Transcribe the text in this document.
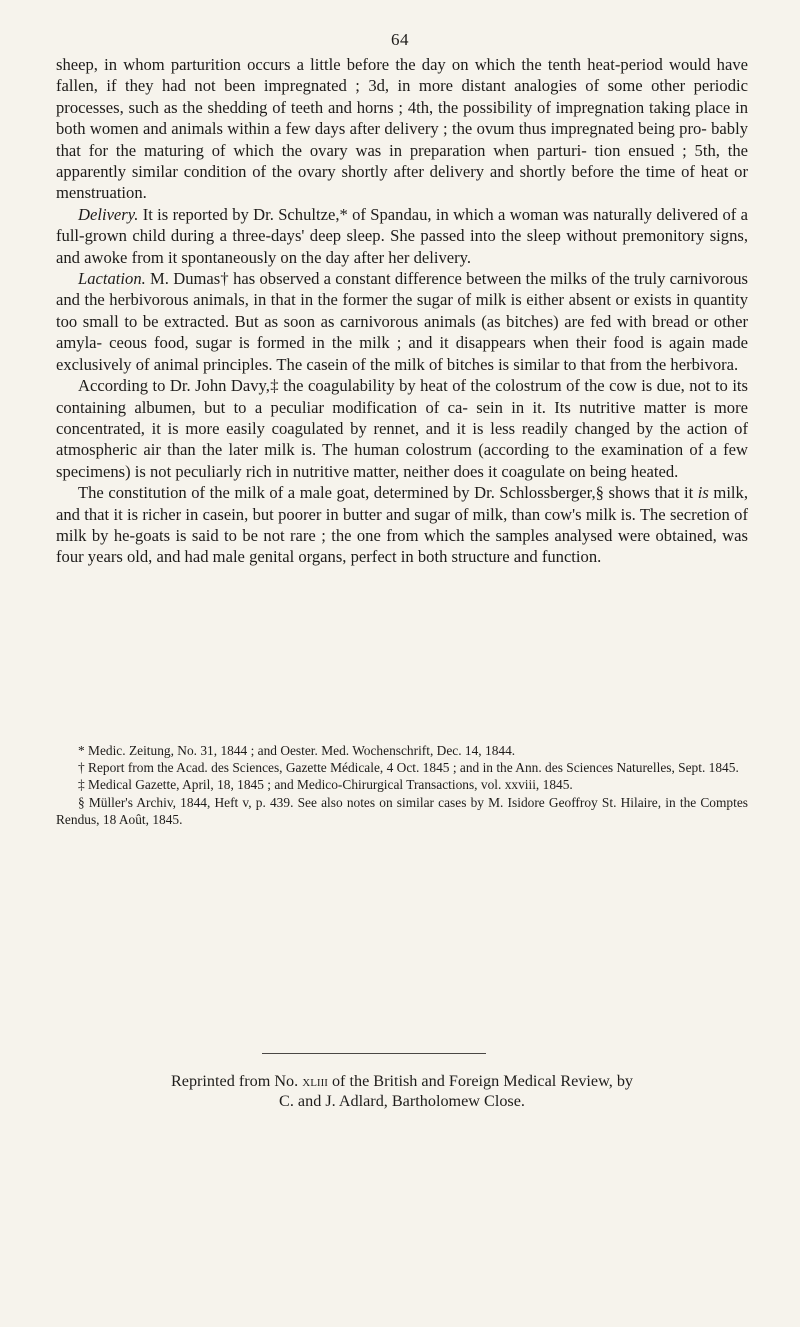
64

sheep, in whom parturition occurs a little before the day on which the tenth heat-period would have fallen, if they had not been impregnated ; 3d, in more distant analogies of some other periodic processes, such as the shedding of teeth and horns ; 4th, the possibility of impregnation taking place in both women and animals within a few days after delivery ; the ovum thus impregnated being pro- bably that for the maturing of which the ovary was in preparation when parturi- tion ensued ; 5th, the apparently similar condition of the ovary shortly after delivery and shortly before the time of heat or menstruation.

Delivery. It is reported by Dr. Schultze,* of Spandau, in which a woman was naturally delivered of a full-grown child during a three-days' deep sleep. She passed into the sleep without premonitory signs, and awoke from it spontaneously on the day after her delivery.

Lactation. M. Dumas† has observed a constant difference between the milks of the truly carnivorous and the herbivorous animals, in that in the former the sugar of milk is either absent or exists in quantity too small to be extracted. But as soon as carnivorous animals (as bitches) are fed with bread or other amyla- ceous food, sugar is formed in the milk ; and it disappears when their food is again made exclusively of animal principles. The casein of the milk of bitches is similar to that from the herbivora.

According to Dr. John Davy,‡ the coagulability by heat of the colostrum of the cow is due, not to its containing albumen, but to a peculiar modification of ca- sein in it. Its nutritive matter is more concentrated, it is more easily coagulated by rennet, and it is less readily changed by the action of atmospheric air than the later milk is. The human colostrum (according to the examination of a few specimens) is not peculiarly rich in nutritive matter, neither does it coagulate on being heated.

The constitution of the milk of a male goat, determined by Dr. Schlossberger,§ shows that it is milk, and that it is richer in casein, but poorer in butter and sugar of milk, than cow's milk is. The secretion of milk by he-goats is said to be not rare ; the one from which the samples analysed were obtained, was four years old, and had male genital organs, perfect in both structure and function.

* Medic. Zeitung, No. 31, 1844 ; and Oester. Med. Wochenschrift, Dec. 14, 1844.

† Report from the Acad. des Sciences, Gazette Médicale, 4 Oct. 1845 ; and in the Ann. des Sciences Naturelles, Sept. 1845.

‡ Medical Gazette, April, 18, 1845 ; and Medico-Chirurgical Transactions, vol. xxviii, 1845.

§ Müller's Archiv, 1844, Heft v, p. 439. See also notes on similar cases by M. Isidore Geoffroy St. Hilaire, in the Comptes Rendus, 18 Août, 1845.

Reprinted from No. xliii of the British and Foreign Medical Review, by

C. and J. Adlard, Bartholomew Close.
